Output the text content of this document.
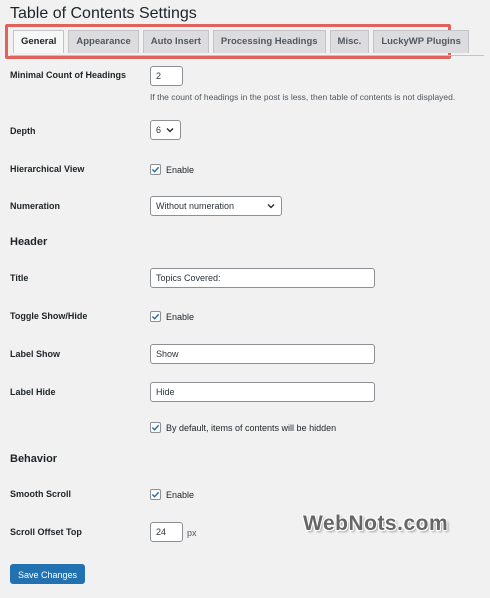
Table of Contents Settings
General	Appearance	Auto Insert	Processing Headings	Misc.	LuckyWP Plugins
Minimal Count of Headings	2
If the count of headings in the post is less, then table of contents is not displayed.
Depth	6
Hierarchical View	Enable
Numeration	Without numeration
Header
Title	Topics Covered:
Toggle Show/Hide	Enable
Label Show	Show
Label Hide	Hide
By default, items of contents will be hidden
Behavior
Smooth Scroll	Enable
Scroll Offset Top	24	px	WebNots.com
Save Changes
